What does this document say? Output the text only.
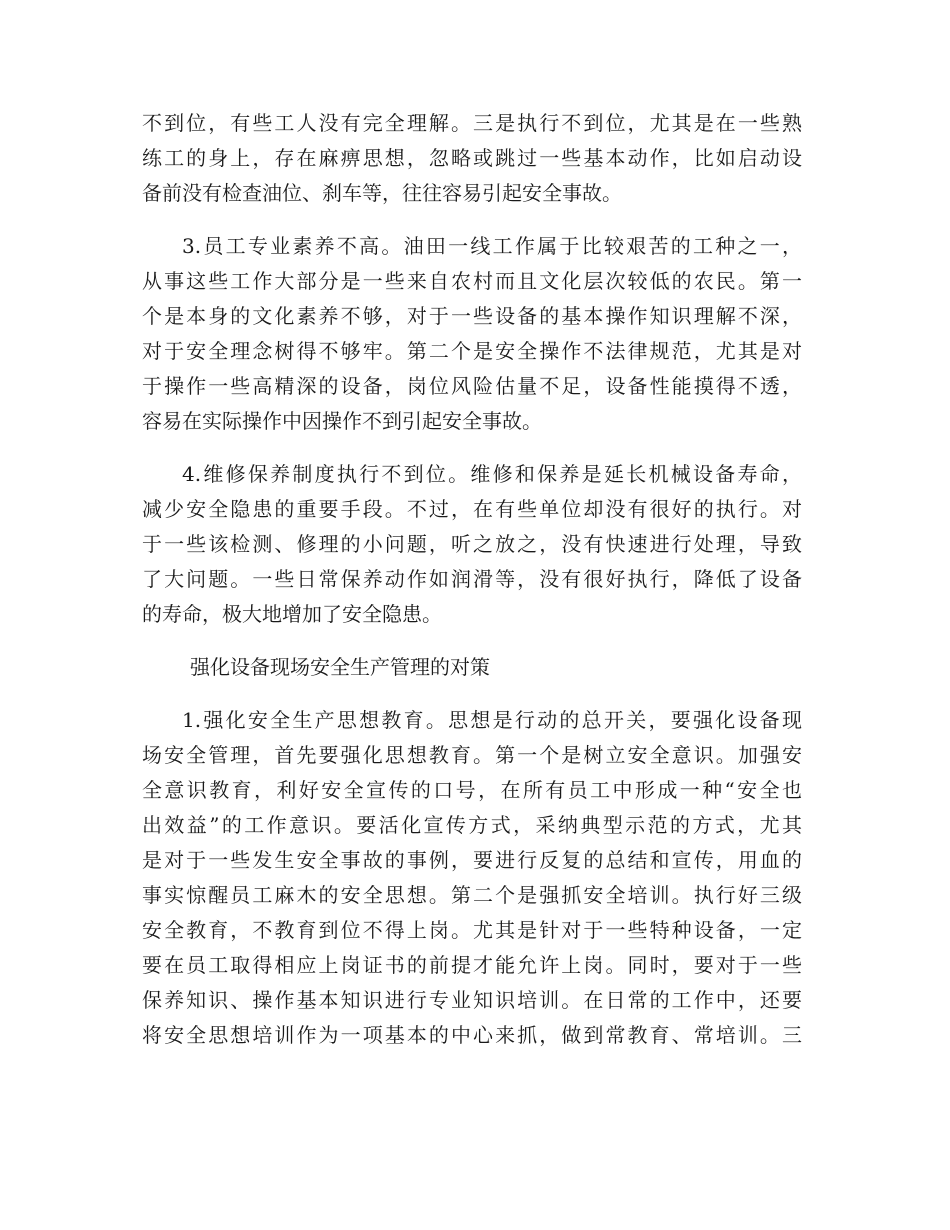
不到位，有些工人没有完全理解。三是执行不到位，尤其是在一些熟
练工的身上，存在麻痹思想，忽略或跳过一些基本动作，比如启动设
备前没有检查油位、刹车等，往往容易引起安全事故。
3.员工专业素养不高。油田一线工作属于比较艰苦的工种之一，
从事这些工作大部分是一些来自农村而且文化层次较低的农民。第一
个是本身的文化素养不够，对于一些设备的基本操作知识理解不深，
对于安全理念树得不够牢。第二个是安全操作不法律规范，尤其是对
于操作一些高精深的设备，岗位风险估量不足，设备性能摸得不透，
容易在实际操作中因操作不到引起安全事故。
4.维修保养制度执行不到位。维修和保养是延长机械设备寿命，
减少安全隐患的重要手段。不过，在有些单位却没有很好的执行。对
于一些该检测、修理的小问题，听之放之，没有快速进行处理，导致
了大问题。一些日常保养动作如润滑等，没有很好执行，降低了设备
的寿命，极大地增加了安全隐患。
强化设备现场安全生产管理的对策
1.强化安全生产思想教育。思想是行动的总开关，要强化设备现
场安全管理，首先要强化思想教育。第一个是树立安全意识。加强安
全意识教育，利好安全宣传的口号，在所有员工中形成一种“安全也
出效益”的工作意识。要活化宣传方式，采纳典型示范的方式，尤其
是对于一些发生安全事故的事例，要进行反复的总结和宣传，用血的
事实惊醒员工麻木的安全思想。第二个是强抓安全培训。执行好三级
安全教育，不教育到位不得上岗。尤其是针对于一些特种设备，一定
要在员工取得相应上岗证书的前提才能允许上岗。同时，要对于一些
保养知识、操作基本知识进行专业知识培训。在日常的工作中，还要
将安全思想培训作为一项基本的中心来抓，做到常教育、常培训。三
